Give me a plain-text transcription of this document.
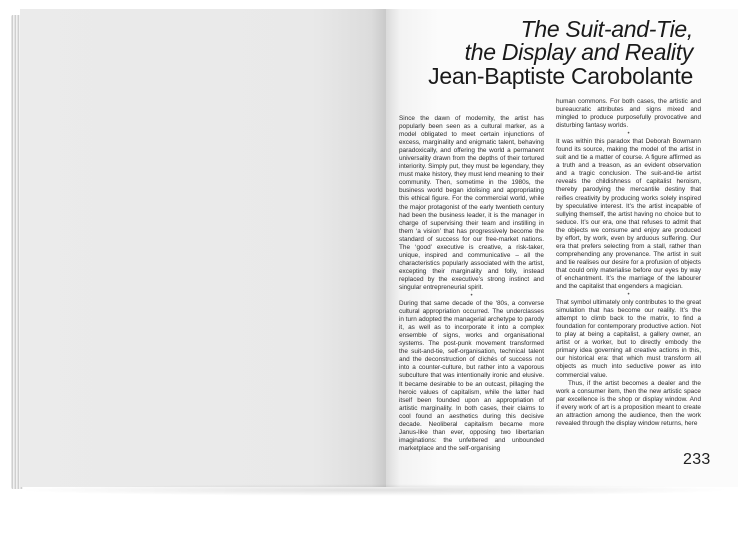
The Suit-and-Tie,
the Display and Reality
Jean-Baptiste Carobolante

Since the dawn of modernity, the artist has popularly been seen as a cultural marker, as a model obligated to meet certain injunctions of excess, marginality and enigmatic talent, behaving paradoxically, and offering the world a permanent universality drawn from the depths of their tortured interiority. Simply put, they must be legendary, they must make history, they must lend meaning to their community. Then, sometime in the 1980s, the business world began idolising and appropriating this ethical figure. For the commercial world, while the major protagonist of the early twentieth century had been the business leader, it is the manager in charge of supervising their team and instilling in them ‘a vision’ that has progressively become the standard of success for our free-market nations. The ‘good’ executive is creative, a risk-taker, unique, inspired and communicative – all the characteristics popularly associated with the artist, excepting their marginality and folly, instead replaced by the executive’s strong instinct and singular entrepreneurial spirit.

•

During that same decade of the ‘80s, a converse cultural appropriation occurred. The underclasses in turn adopted the managerial archetype to parody it, as well as to incorporate it into a complex ensemble of signs, works and organisational systems. The post-punk movement transformed the suit-and-tie, self-organisation, technical talent and the deconstruction of clichés of success not into a counter-culture, but rather into a vaporous subculture that was intentionally ironic and elusive. It became desirable to be an outcast, pillaging the heroic values of capitalism, while the latter had itself been founded upon an appropriation of artistic marginality. In both cases, their claims to cool found an aesthetics during this decisive decade. Neoliberal capitalism became more Janus-like than ever, opposing two libertarian imaginations: the unfettered and unbounded marketplace and the self-organising

human commons. For both cases, the artistic and bureaucratic attributes and signs mixed and mingled to produce purposefully provocative and disturbing fantasy worlds.

•

It was within this paradox that Deborah Bowmann found its source, making the model of the artist in suit and tie a matter of course. A figure affirmed as a truth and a treason, as an evident observation and a tragic conclusion. The suit-and-tie artist reveals the childishness of capitalist heroism, thereby parodying the mercantile destiny that reifies creativity by producing works solely inspired by speculative interest. It’s the artist incapable of sullying themself, the artist having no choice but to seduce. It’s our era, one that refuses to admit that the objects we consume and enjoy are produced by effort, by work, even by arduous suffering. Our era that prefers selecting from a stall, rather than comprehending any provenance. The artist in suit and tie realises our desire for a profusion of objects that could only materialise before our eyes by way of enchantment. It’s the marriage of the labourer and the capitalist that engenders a magician.

•

That symbol ultimately only contributes to the great simulation that has become our reality. It’s the attempt to climb back to the matrix, to find a foundation for contemporary productive action. Not to play at being a capitalist, a gallery owner, an artist or a worker, but to directly embody the primary idea governing all creative actions in this, our historical era: that which must transform all objects as much into seductive power as into commercial value.

Thus, if the artist becomes a dealer and the work a consumer item, then the new artistic space par excellence is the shop or display window. And if every work of art is a proposition meant to create an attraction among the audience, then the work revealed through the display window returns, here

233
